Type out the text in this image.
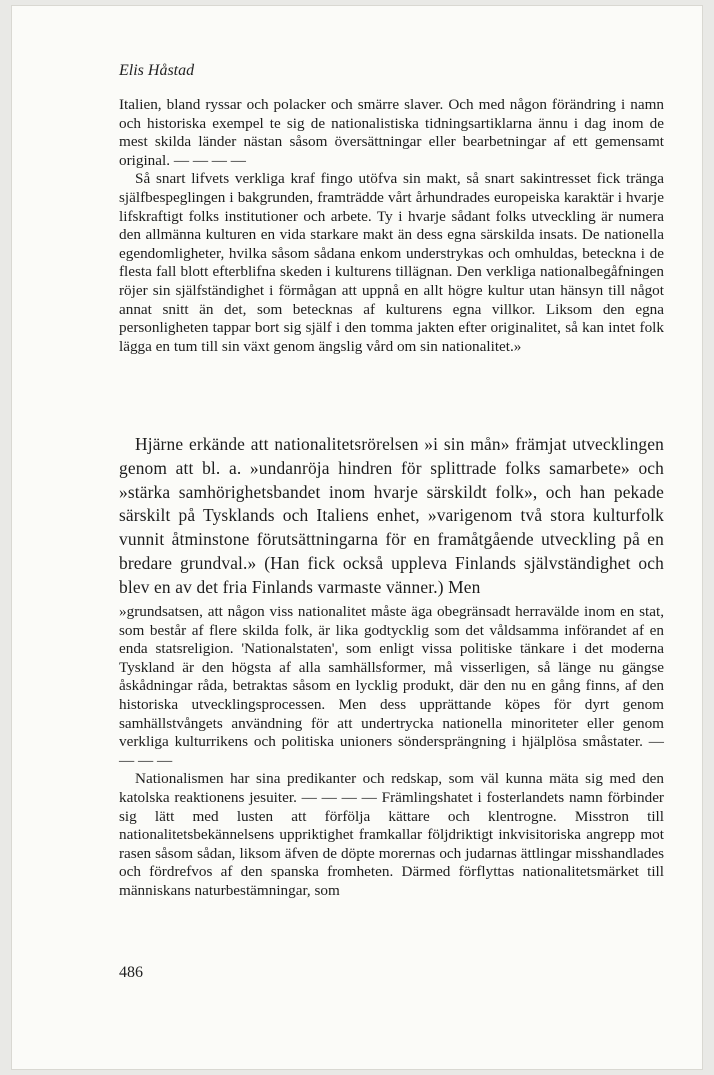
Elis Håstad

Italien, bland ryssar och polacker och smärre slaver. Och med någon förändring i namn och historiska exempel te sig de nationalistiska tidningsartiklarna ännu i dag inom de mest skilda länder nästan såsom översättningar eller bearbetningar af ett gemensamt original. — — — —

Så snart lifvets verkliga kraf fingo utöfva sin makt, så snart sakintresset fick tränga själfbespeglingen i bakgrunden, framträdde vårt århundrades europeiska karaktär i hvarje lifskraftigt folks institutioner och arbete. Ty i hvarje sådant folks utveckling är numera den allmänna kulturen en vida starkare makt än dess egna särskilda insats. De nationella egendomligheter, hvilka såsom sådana enkom understrykas och omhuldas, beteckna i de flesta fall blott efterblifna skeden i kulturens tillägnan. Den verkliga nationalbegåfningen röjer sin själfständighet i förmågan att uppnå en allt högre kultur utan hänsyn till något annat snitt än det, som betecknas af kulturens egna villkor. Liksom den egna personligheten tappar bort sig själf i den tomma jakten efter originalitet, så kan intet folk lägga en tum till sin växt genom ängslig vård om sin nationalitet.»

Hjärne erkände att nationalitetsrörelsen »i sin mån» främjat utvecklingen genom att bl. a. »undanröja hindren för splittrade folks samarbete» och »stärka samhörighetsbandet inom hvarje särskildt folk», och han pekade särskilt på Tysklands och Italiens enhet, »varigenom två stora kulturfolk vunnit åtminstone förutsättningarna för en framåtgående utveckling på en bredare grundval.» (Han fick också uppleva Finlands självständighet och blev en av det fria Finlands varmaste vänner.) Men

»grundsatsen, att någon viss nationalitet måste äga obegränsadt herravälde inom en stat, som består af flere skilda folk, är lika godtycklig som det våldsamma införandet af en enda statsreligion. 'Nationalstaten', som enligt vissa politiske tänkare i det moderna Tyskland är den högsta af alla samhällsformer, må visserligen, så länge nu gängse åskådningar råda, betraktas såsom en lycklig produkt, där den nu en gång finns, af den historiska utvecklingsprocessen. Men dess upprättande köpes för dyrt genom samhällstvångets användning för att undertrycka nationella minoriteter eller genom verkliga kulturrikens och politiska unioners söndersprängning i hjälplösa småstater. — — — —

Nationalismen har sina predikanter och redskap, som väl kunna mäta sig med den katolska reaktionens jesuiter. — — — — Främlingshatet i fosterlandets namn förbinder sig lätt med lusten att förfölja kättare och klentrogne. Misstron till nationalitetsbekännelsens uppriktighet framkallar följdriktigt inkvisitoriska angrepp mot rasen såsom sådan, liksom äfven de döpte morernas och judarnas ättlingar misshandlades och fördrefvos af den spanska fromheten. Därmed förflyttas nationalitetsmärket till människans naturbestämningar, som

486
